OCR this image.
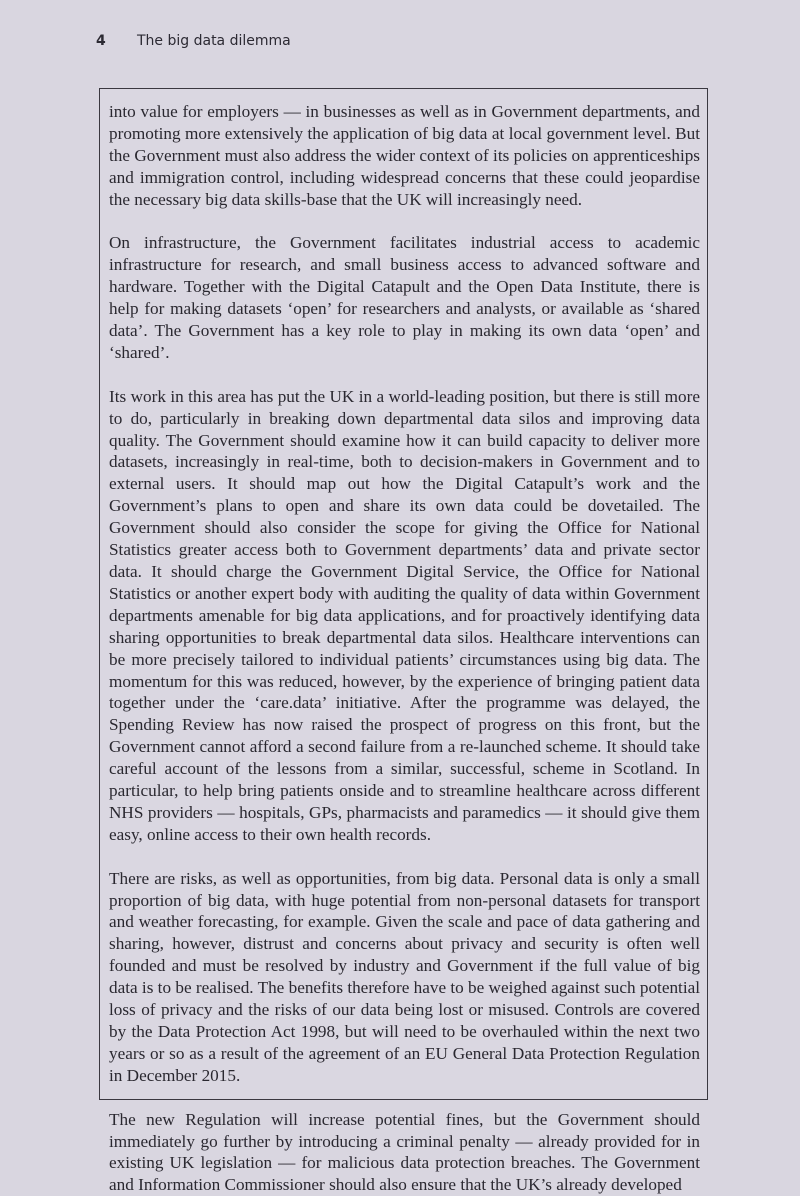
4 The big data dilemma

into value for employers — in businesses as well as in Government departments, and promoting more extensively the application of big data at local government level. But the Government must also address the wider context of its policies on apprenticeships and immigration control, including widespread concerns that these could jeopardise the necessary big data skills-base that the UK will increasingly need.

On infrastructure, the Government facilitates industrial access to academic infrastructure for research, and small business access to advanced software and hardware. Together with the Digital Catapult and the Open Data Institute, there is help for making datasets ‘open’ for researchers and analysts, or available as ‘shared data’. The Government has a key role to play in making its own data ‘open’ and ‘shared’.

Its work in this area has put the UK in a world-leading position, but there is still more to do, particularly in breaking down departmental data silos and improving data quality. The Government should examine how it can build capacity to deliver more datasets, increasingly in real-time, both to decision-makers in Government and to external users. It should map out how the Digital Catapult’s work and the Government’s plans to open and share its own data could be dovetailed. The Government should also consider the scope for giving the Office for National Statistics greater access both to Government departments’ data and private sector data. It should charge the Government Digital Service, the Office for National Statistics or another expert body with auditing the quality of data within Government departments amenable for big data applications, and for proactively identifying data sharing opportunities to break departmental data silos. Healthcare interventions can be more precisely tailored to individual patients’ circumstances using big data. The momentum for this was reduced, however, by the experience of bringing patient data together under the ‘care.data’ initiative. After the programme was delayed, the Spending Review has now raised the prospect of progress on this front, but the Government cannot afford a second failure from a re-launched scheme. It should take careful account of the lessons from a similar, successful, scheme in Scotland. In particular, to help bring patients onside and to streamline healthcare across different NHS providers — hospitals, GPs, pharmacists and paramedics — it should give them easy, online access to their own health records.

There are risks, as well as opportunities, from big data. Personal data is only a small proportion of big data, with huge potential from non-personal datasets for transport and weather forecasting, for example. Given the scale and pace of data gathering and sharing, however, distrust and concerns about privacy and security is often well founded and must be resolved by industry and Government if the full value of big data is to be realised. The benefits therefore have to be weighed against such potential loss of privacy and the risks of our data being lost or misused. Controls are covered by the Data Protection Act 1998, but will need to be overhauled within the next two years or so as a result of the agreement of an EU General Data Protection Regulation in December 2015.

The new Regulation will increase potential fines, but the Government should immediately go further by introducing a criminal penalty — already provided for in existing UK legislation — for malicious data protection breaches. The Government and Information Commissioner should also ensure that the UK’s already developed
